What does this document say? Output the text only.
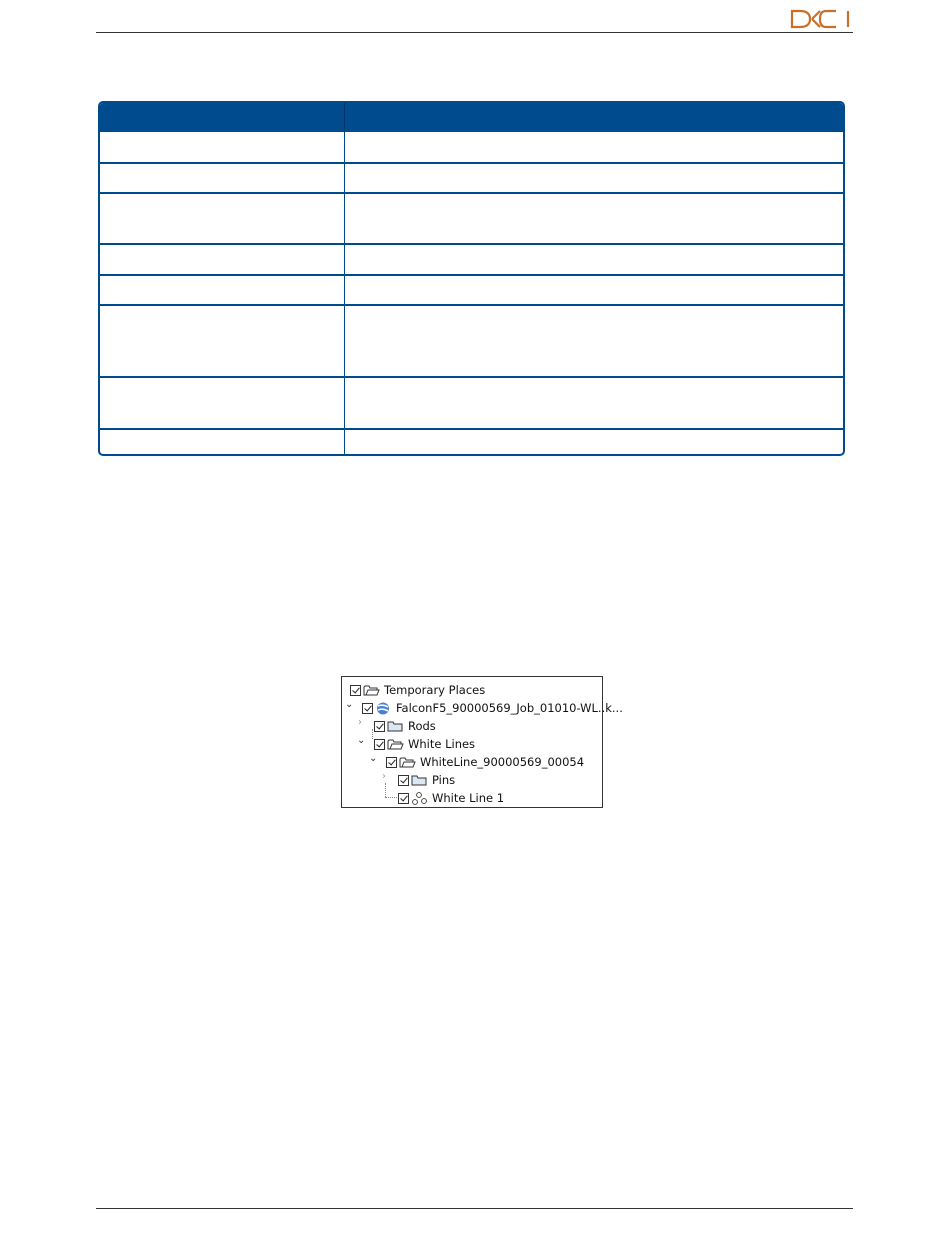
Temporary Places
⌄	FalconF5_90000569_Job_01010-WL..k...
›	Rods
⌄	White Lines
⌄	WhiteLine_90000569_00054
›	Pins
White Line 1
